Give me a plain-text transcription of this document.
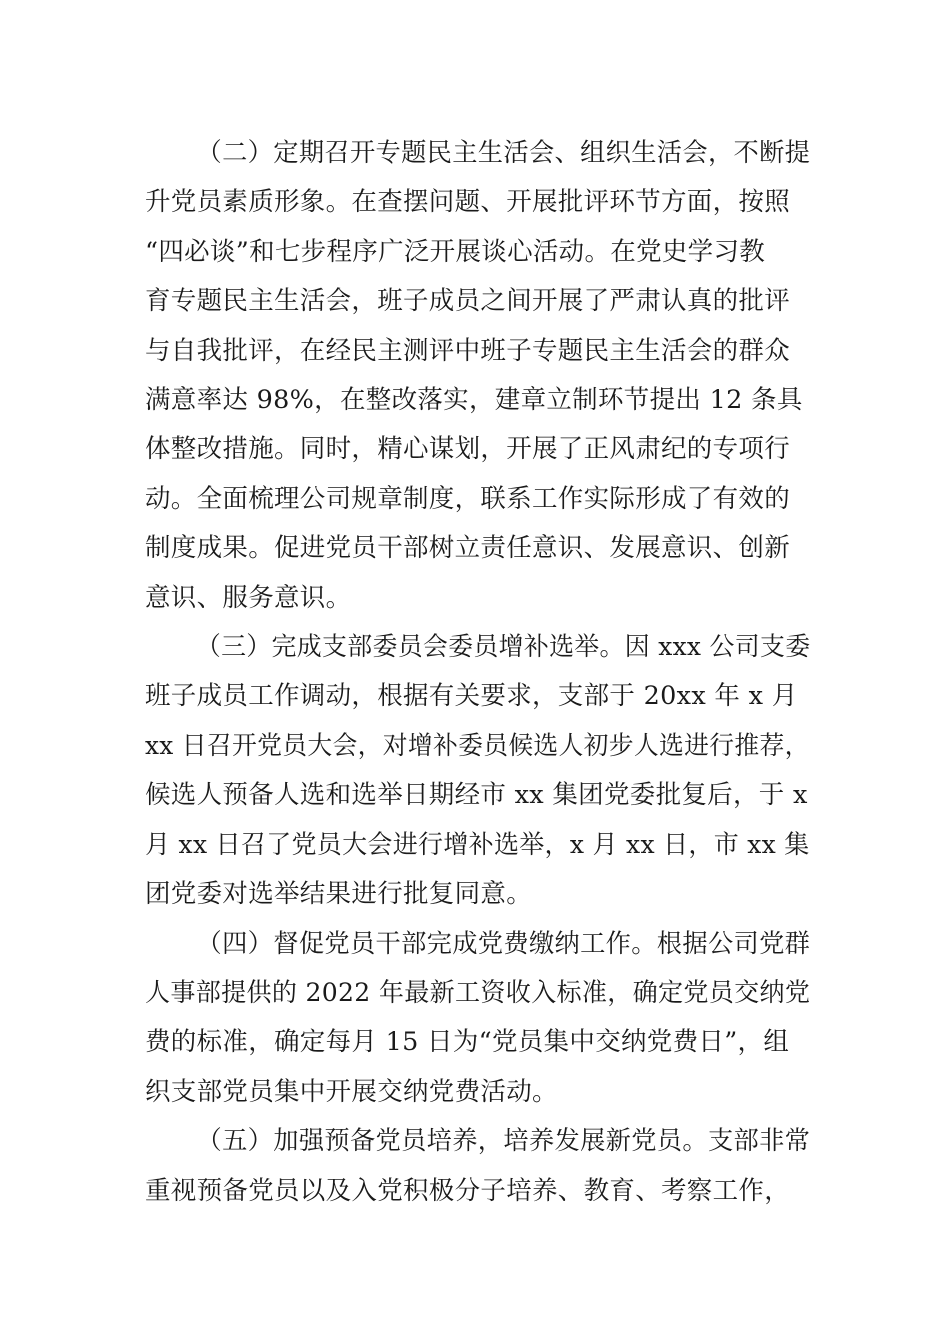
（二）定期召开专题民主生活会、组织生活会，不断提
升党员素质形象。在查摆问题、开展批评环节方面，按照
“四必谈”和七步程序广泛开展谈心活动。在党史学习教
育专题民主生活会，班子成员之间开展了严肃认真的批评
与自我批评，在经民主测评中班子专题民主生活会的群众
满意率达 98%，在整改落实，建章立制环节提出 12 条具
体整改措施。同时，精心谋划，开展了正风肃纪的专项行
动。全面梳理公司规章制度，联系工作实际形成了有效的
制度成果。促进党员干部树立责任意识、发展意识、创新
意识、服务意识。
（三）完成支部委员会委员增补选举。因 xxx 公司支委
班子成员工作调动，根据有关要求，支部于 20xx 年 x 月
xx 日召开党员大会，对增补委员候选人初步人选进行推荐，
候选人预备人选和选举日期经市 xx 集团党委批复后，于 x
月 xx 日召了党员大会进行增补选举，x 月 xx 日，市 xx 集
团党委对选举结果进行批复同意。
（四）督促党员干部完成党费缴纳工作。根据公司党群
人事部提供的 2022 年最新工资收入标准，确定党员交纳党
费的标准，确定每月 15 日为“党员集中交纳党费日”，组
织支部党员集中开展交纳党费活动。
（五）加强预备党员培养，培养发展新党员。支部非常
重视预备党员以及入党积极分子培养、教育、考察工作，
